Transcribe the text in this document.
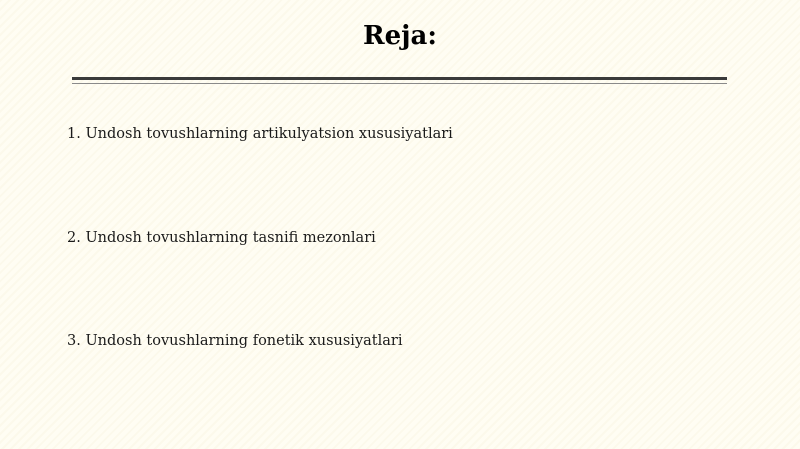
Reja:
1. Undosh tovushlarning artikulyatsion xususiyatlari
2. Undosh tovushlarning tasnifi mezonlari
3. Undosh tovushlarning fonetik xususiyatlari
